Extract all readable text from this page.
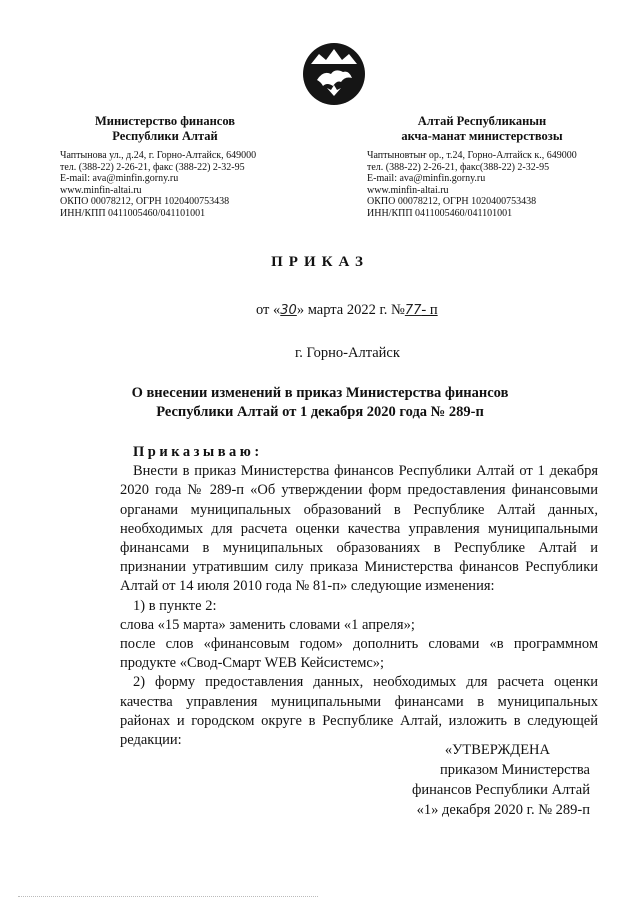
Министерство финансов
Республики Алтай
Чаптынова ул., д.24, г. Горно-Алтайск, 649000
тел. (388-22) 2-26-21, факс (388-22) 2-32-95
E-mail: ava@minfin.gorny.ru
www.minfin-altai.ru
ОКПО 00078212, ОГРН 1020400753438
ИНН/КПП 0411005460/041101001
Алтай Республиканын
акча-манат министерствозы
Чаптыновтыҥ ор., т.24, Горно-Алтайск к., 649000
тел. (388-22) 2-26-21, факс(388-22) 2-32-95
E-mail: ava@minfin.gorny.ru
www.minfin-altai.ru
ОКПО 00078212, ОГРН 1020400753438
ИНН/КПП 0411005460/041101001
ПРИКАЗ
от «30» марта 2022 г. №77- п
г. Горно-Алтайск
О внесении изменений в приказ Министерства финансов Республики Алтай от 1 декабря 2020 года № 289-п
Приказываю:

Внести в приказ Министерства финансов Республики Алтай от 1 декабря 2020 года № 289-п «Об утверждении форм предоставления финансовыми органами муниципальных образований в Республике Алтай данных, необходимых для расчета оценки качества управления муниципальными финансами в муниципальных образованиях в Республике Алтай и признании утратившим силу приказа Министерства финансов Республики Алтай от 14 июля 2010 года № 81-п» следующие изменения:

1) в пункте 2:

слова «15 марта» заменить словами «1 апреля»;

после слов «финансовым годом» дополнить словами «в программном продукте «Свод-Смарт WEB Кейсистемс»;

2) форму предоставления данных, необходимых для расчета оценки качества управления муниципальными финансами в муниципальных районах и городском округе в Республике Алтай, изложить в следующей редакции:

«УТВЕРЖДЕНА
приказом Министерства
финансов Республики Алтай
«1» декабря 2020 г. № 289-п
